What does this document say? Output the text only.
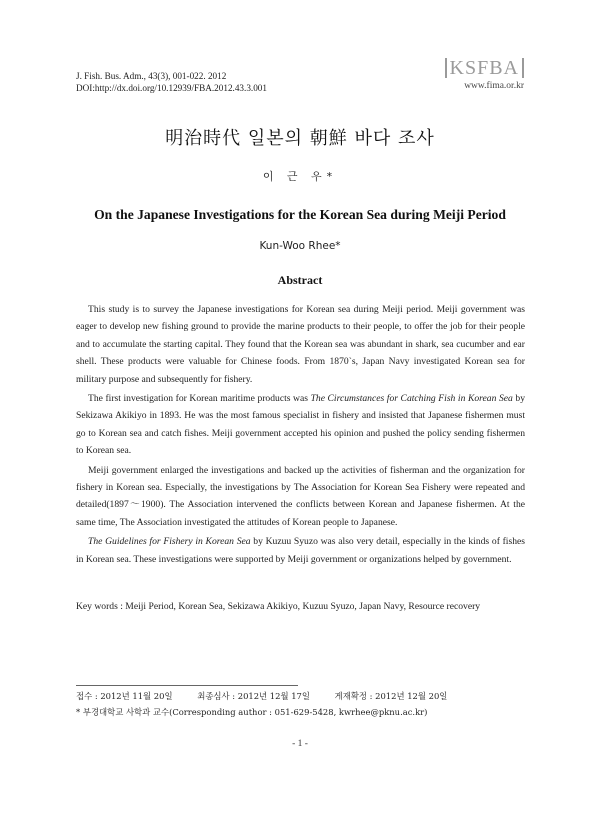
J. Fish. Bus. Adm., 43(3), 001-022. 2012
DOI:http://dx.doi.org/10.12939/FBA.2012.43.3.001
KSFBA
www.fima.or.kr
明治時代 일본의 朝鮮 바다 조사
이 근 우*
On the Japanese Investigations for the Korean Sea during Meiji Period
Kun-Woo Rhee*
Abstract

This study is to survey the Japanese investigations for Korean sea during Meiji period. Meiji government was eager to develop new fishing ground to provide the marine products to their people, to offer the job for their people and to accumulate the starting capital. They found that the Korean sea was abundant in shark, sea cucumber and ear shell. These products were valuable for Chinese foods. From 1870`s, Japan Navy investigated Korean sea for military purpose and subsequently for fishery.

The first investigation for Korean maritime products was The Circumstances for Catching Fish in Korean Sea by Sekizawa Akikiyo in 1893. He was the most famous specialist in fishery and insisted that Japanese fishermen must go to Korean sea and catch fishes. Meiji government accepted his opinion and pushed the policy sending fishermen to Korean sea.

Meiji government enlarged the investigations and backed up the activities of fisherman and the organization for fishery in Korean sea. Especially, the investigations by The Association for Korean Sea Fishery were repeated and detailed(1897～1900). The Association intervened the conflicts between Korean and Japanese fishermen. At the same time, The Association investigated the attitudes of Korean people to Japanese.

The Guidelines for Fishery in Korean Sea by Kuzuu Syuzo was also very detail, especially in the kinds of fishes in Korean sea. These investigations were supported by Meiji government or organizations helped by government.

Key words : Meiji Period, Korean Sea, Sekizawa Akikiyo, Kuzuu Syuzo, Japan Navy, Resource recovery
접수 : 2012년 11월 20일	최종심사 : 2012년 12월 17일	게재확정 : 2012년 12월 20일
* 부경대학교 사학과 교수(Corresponding author : 051-629-5428, kwrhee@pknu.ac.kr)
- 1 -
